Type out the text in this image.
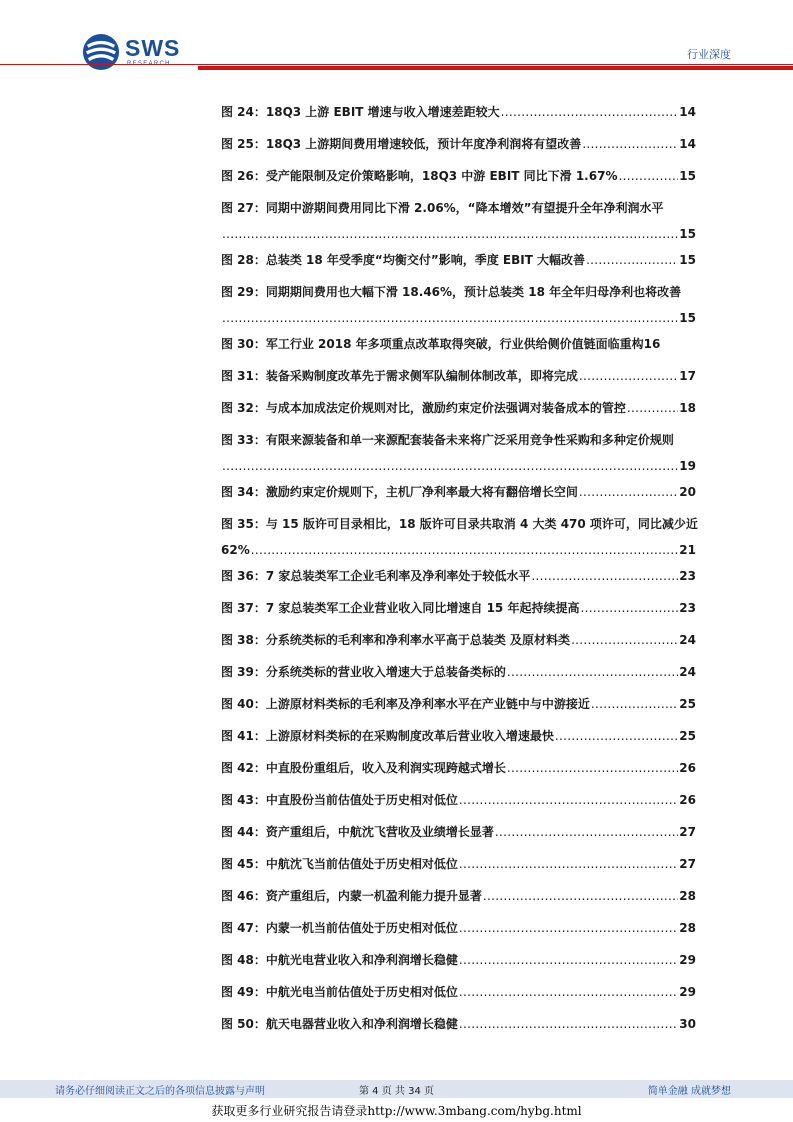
SWS	行业深度
图 24：18Q3 上游 EBIT 增速与收入增速差距较大 .....	14
图 25：18Q3 上游期间费用增速较低，预计年度净利润将有望改善 .....	14
图 26：受产能限制及定价策略影响，18Q3 中游 EBIT 同比下滑 1.67% .....	15
图 27：同期中游期间费用同比下滑 2.06%，“降本增效”有望提升全年净利润水平
.....
15
图 28：总装类 18 年受季度“均衡交付”影响，季度 EBIT 大幅改善 .....	15
图 29：同期期间费用也大幅下滑 18.46%，预计总装类 18 年全年归母净利也将改善
.....
15
图 30：军工行业 2018 年多项重点改革取得突破，行业供给侧价值链面临重构 16
图 31：装备采购制度改革先于需求侧军队编制体制改革，即将完成 .....	17
图 32：与成本加成法定价规则对比，激励约束定价法强调对装备成本的管控 .....	18
图 33：有限来源装备和单一来源配套装备未来将广泛采用竞争性采购和多种定价规则
.....
19
图 34：激励约束定价规则下，主机厂净利率最大将有翻倍增长空间 .....	20
图 35：与 15 版许可目录相比，18 版许可目录共取消 4 大类 470 项许可，同比减少近
62% .....	21
图 36：7 家总装类军工企业毛利率及净利率处于较低水平 .....	23
图 37：7 家总装类军工企业营业收入同比增速自 15 年起持续提高 .....	23
图 38：分系统类标的毛利率和净利率水平高于总装类 及原材料类 .....	24
图 39：分系统类标的营业收入增速大于总装备类标的 .....	24
图 40：上游原材料类标的毛利率及净利率水平在产业链中与中游接近 .....	25
图 41：上游原材料类标的在采购制度改革后营业收入增速最快 .....	25
图 42：中直股份重组后，收入及利润实现跨越式增长 .....	26
图 43：中直股份当前估值处于历史相对低位 .....	26
图 44：资产重组后，中航沈飞营收及业绩增长显著 .....	27
图 45：中航沈飞当前估值处于历史相对低位 .....	27
图 46：资产重组后，内蒙一机盈利能力提升显著 .....	28
图 47：内蒙一机当前估值处于历史相对低位 .....	28
图 48：中航光电营业收入和净利润增长稳健 .....	29
图 49：中航光电当前估值处于历史相对低位 .....	29
图 50：航天电器营业收入和净利润增长稳健 .....	30
请务必仔细阅读正文之后的各项信息披露与声明	第 4 页 共 34 页	简单金融 成就梦想
获取更多行业研究报告请登录http://www.3mbang.com/hybg.html
